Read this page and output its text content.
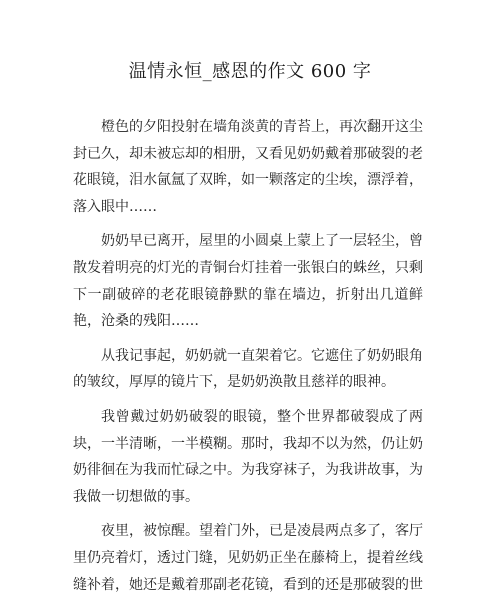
温情永恒_感恩的作文 600 字

橙色的夕阳投射在墙角淡黄的青苔上，再次翻开这尘封已久，却未被忘却的相册，又看见奶奶戴着那破裂的老花眼镜，泪水氤氲了双眸，如一颗落定的尘埃，漂浮着，落入眼中……

奶奶早已离开，屋里的小圆桌上蒙上了一层轻尘，曾散发着明亮的灯光的青铜台灯挂着一张银白的蛛丝，只剩下一副破碎的老花眼镜静默的靠在墙边，折射出几道鲜艳，沧桑的残阳……

从我记事起，奶奶就一直架着它。它遮住了奶奶眼角的皱纹，厚厚的镜片下，是奶奶涣散且慈祥的眼神。

我曾戴过奶奶破裂的眼镜，整个世界都破裂成了两块，一半清晰，一半模糊。那时，我却不以为然，仍让奶奶徘徊在为我而忙碌之中。为我穿袜子，为我讲故事，为我做一切想做的事。

夜里，被惊醒。望着门外，已是凌晨两点多了，客厅里仍亮着灯，透过门缝，见奶奶正坐在藤椅上，提着丝线缝补着，她还是戴着那副老花镜，看到的还是那破裂的世
